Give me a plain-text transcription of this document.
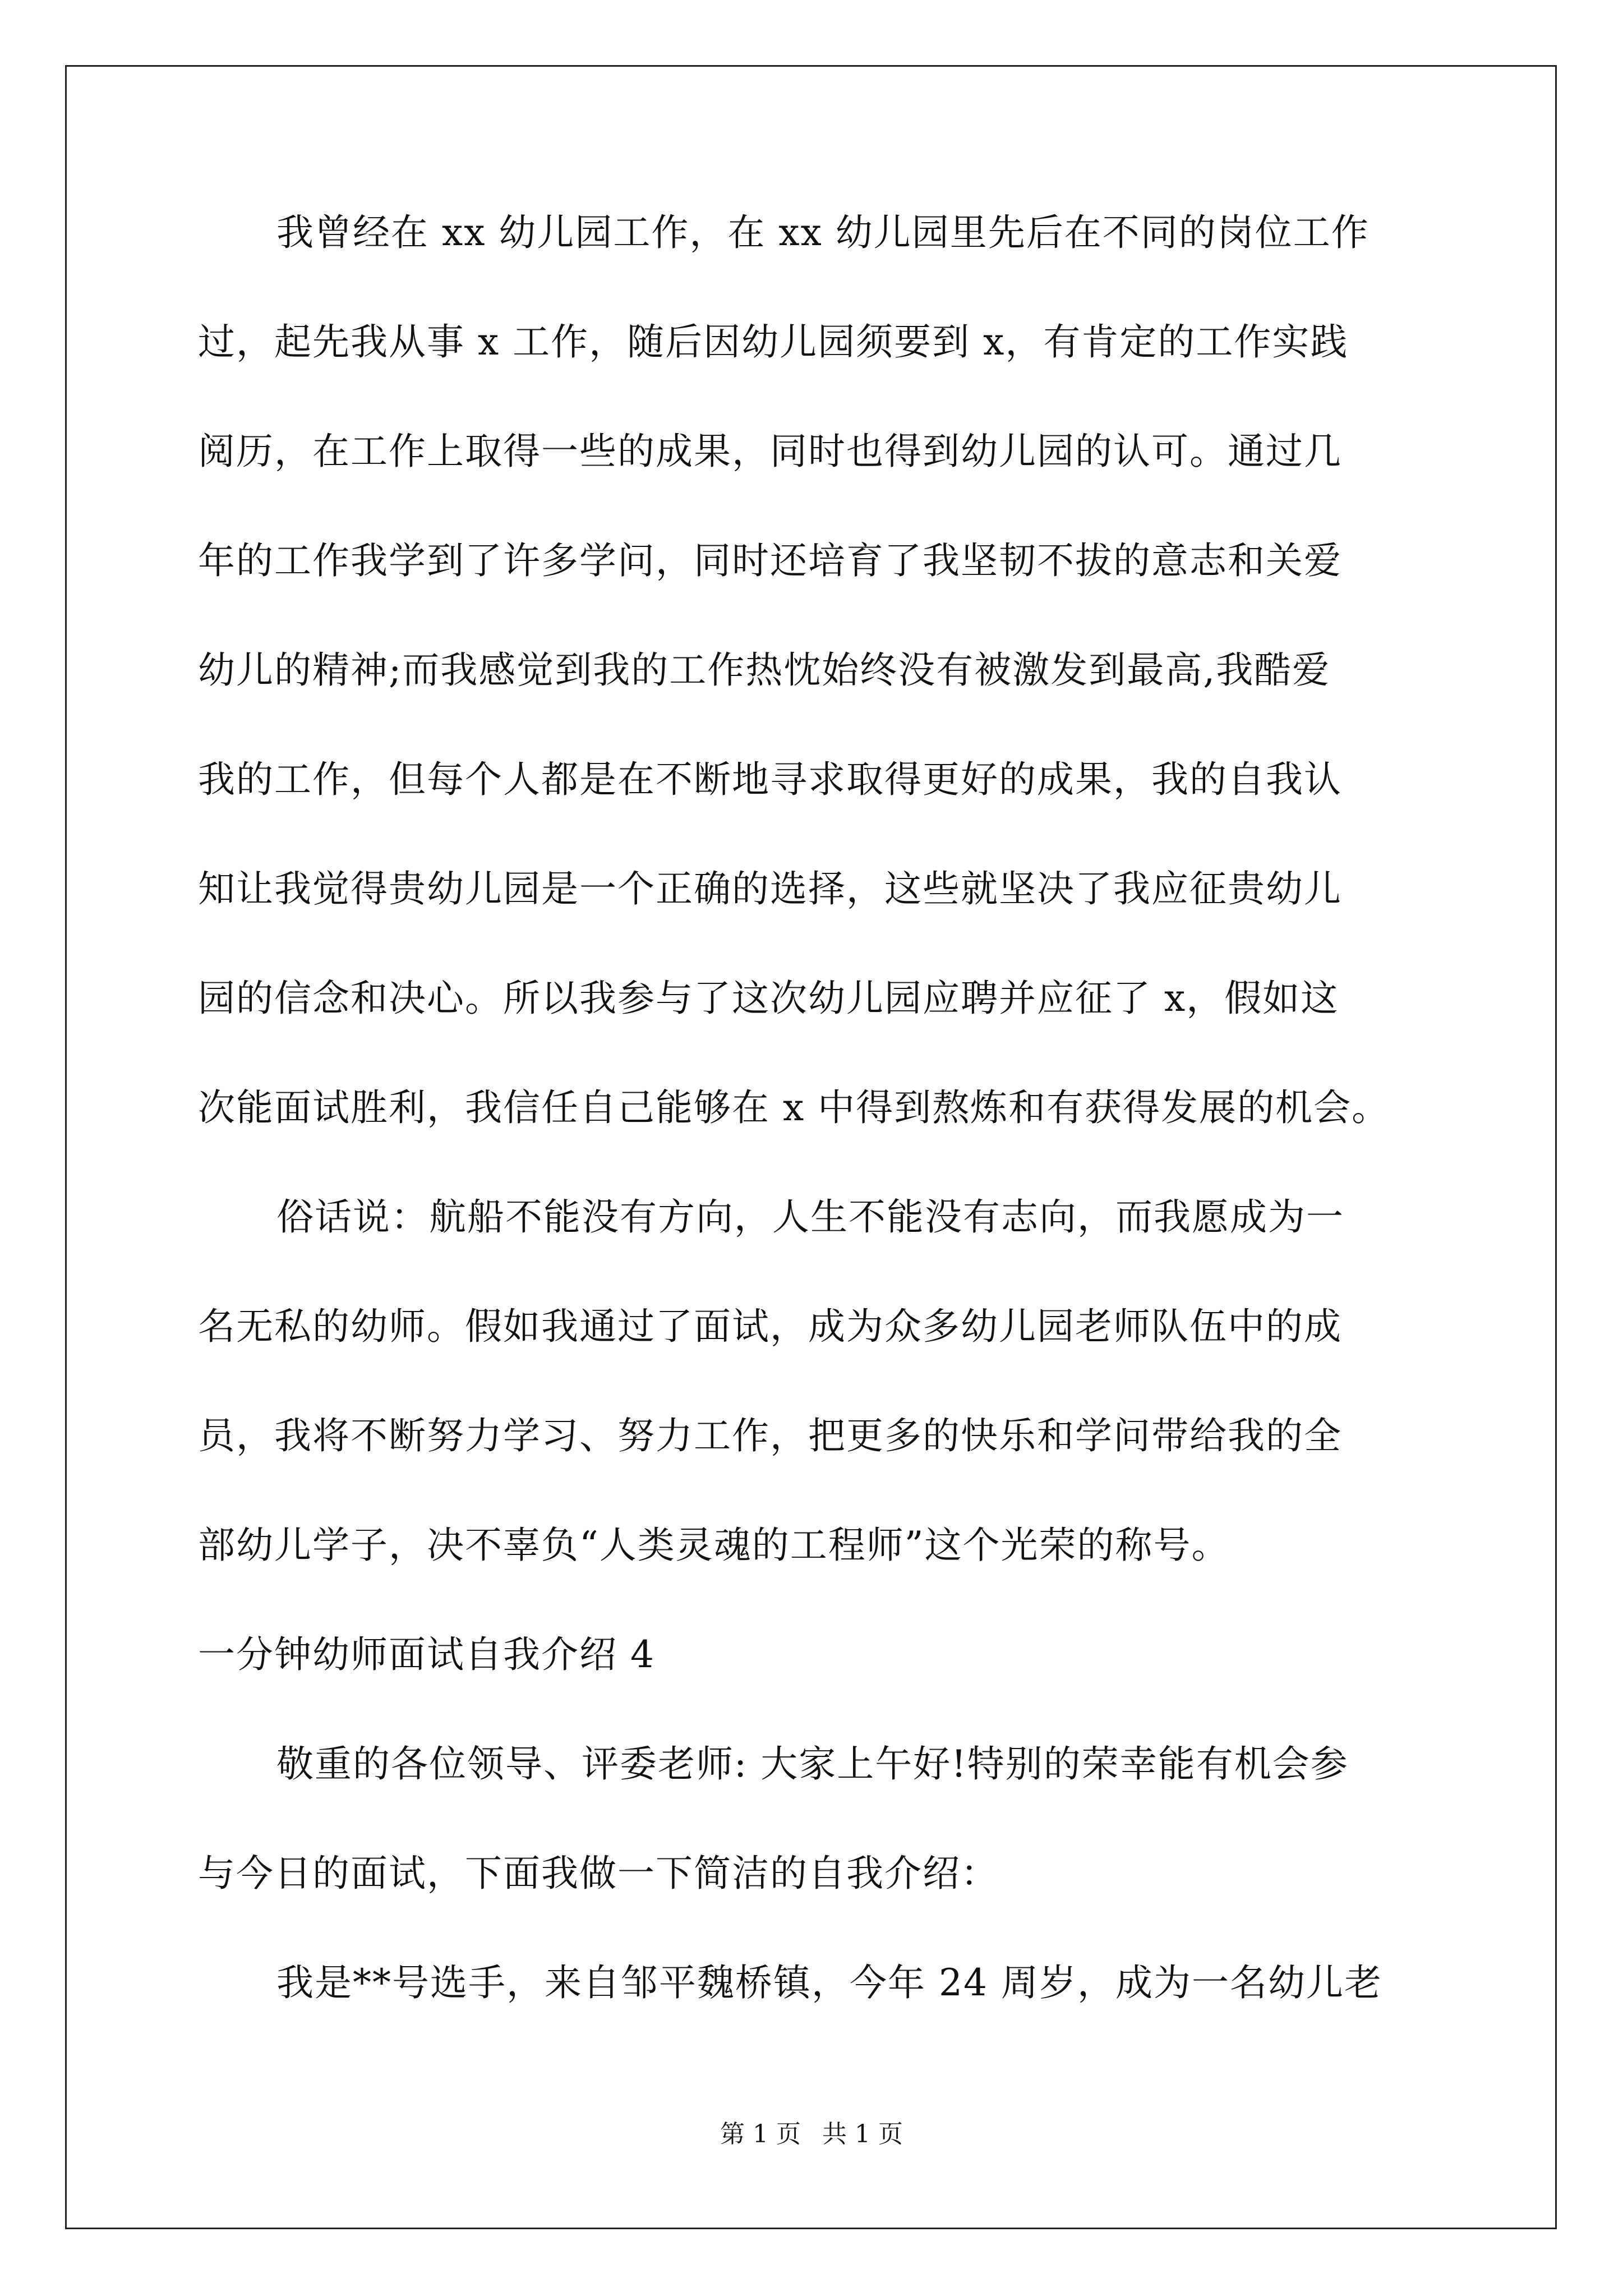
我曾经在 xx 幼儿园工作，在 xx 幼儿园里先后在不同的岗位工作
过，起先我从事 x 工作，随后因幼儿园须要到 x，有肯定的工作实践
阅历，在工作上取得一些的成果，同时也得到幼儿园的认可。通过几
年的工作我学到了许多学问，同时还培育了我坚韧不拔的意志和关爱
幼儿的精神;而我感觉到我的工作热忱始终没有被激发到最高,我酷爱
我的工作，但每个人都是在不断地寻求取得更好的成果，我的自我认
知让我觉得贵幼儿园是一个正确的选择，这些就坚决了我应征贵幼儿
园的信念和决心。所以我参与了这次幼儿园应聘并应征了 x，假如这
次能面试胜利，我信任自己能够在 x 中得到熬炼和有获得发展的机会。
俗话说：航船不能没有方向，人生不能没有志向，而我愿成为一
名无私的幼师。假如我通过了面试，成为众多幼儿园老师队伍中的成
员，我将不断努力学习、努力工作，把更多的快乐和学问带给我的全
部幼儿学子，决不辜负“人类灵魂的工程师”这个光荣的称号。
一分钟幼师面试自我介绍 4
敬重的各位领导、评委老师: 大家上午好!特别的荣幸能有机会参
与今日的面试，下面我做一下简洁的自我介绍：
我是**号选手，来自邹平魏桥镇，今年 24 周岁，成为一名幼儿老
第 1 页 共 1 页
